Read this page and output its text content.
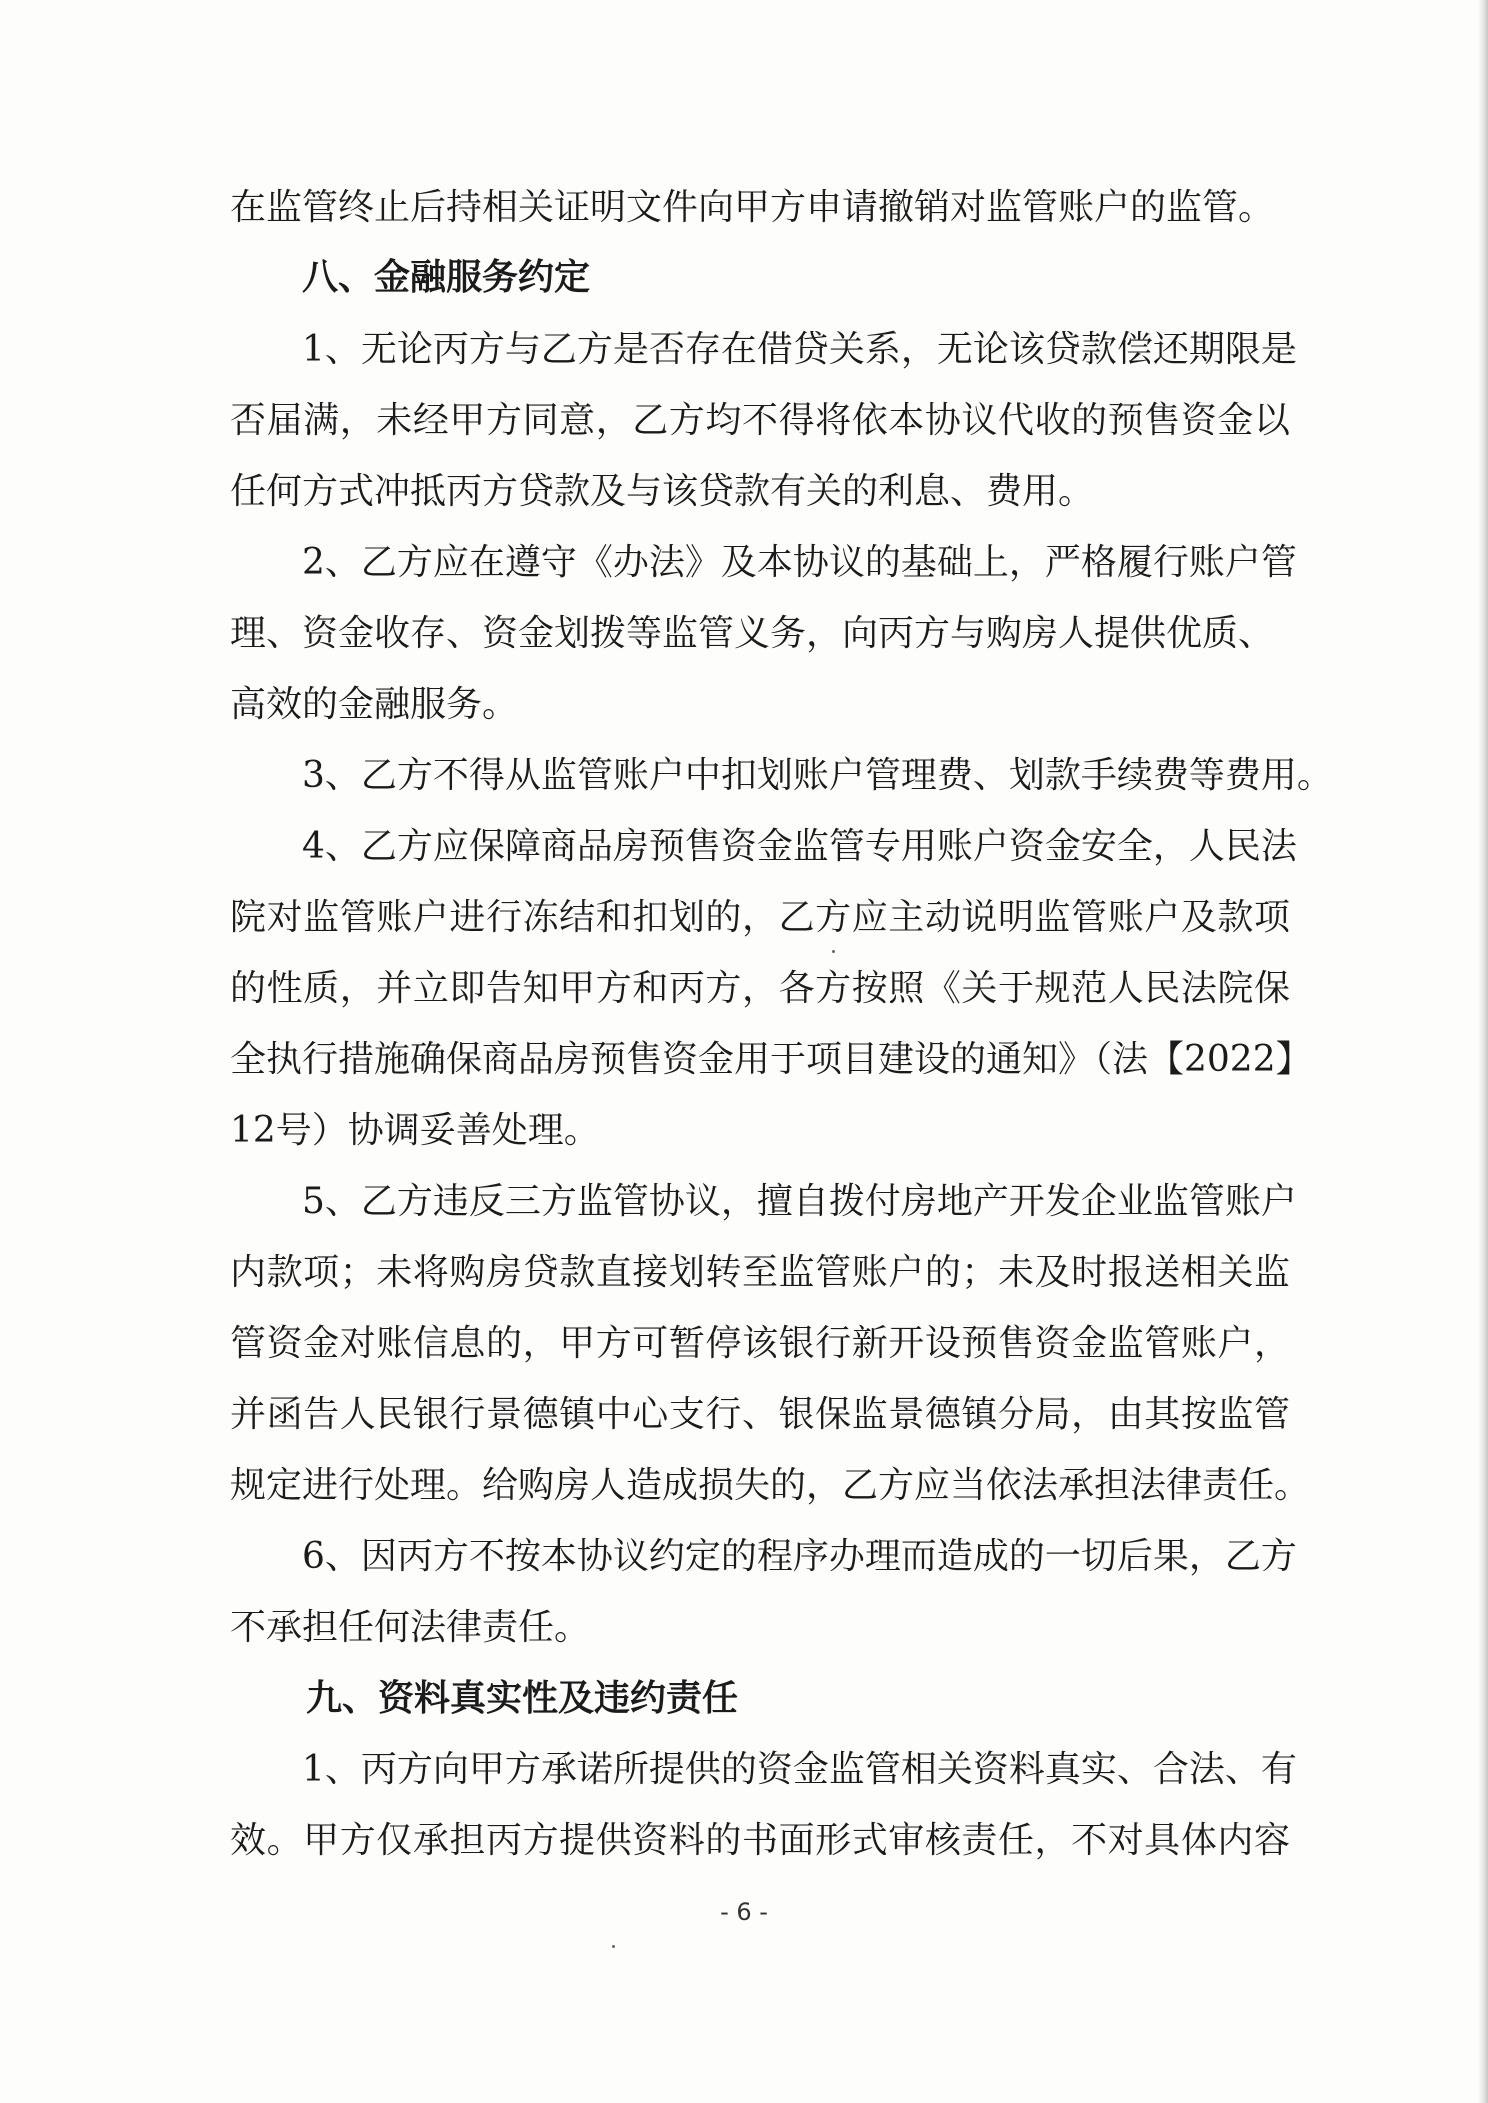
在监管终止后持相关证明文件向甲方申请撤销对监管账户的监管。
八、金融服务约定
1、无论丙方与乙方是否存在借贷关系，无论该贷款偿还期限是
否届满，未经甲方同意，乙方均不得将依本协议代收的预售资金以
任何方式冲抵丙方贷款及与该贷款有关的利息、费用。
2、乙方应在遵守《办法》及本协议的基础上，严格履行账户管
理、资金收存、资金划拨等监管义务，向丙方与购房人提供优质、
高效的金融服务。
3、乙方不得从监管账户中扣划账户管理费、划款手续费等费用。
4、乙方应保障商品房预售资金监管专用账户资金安全，人民法
院对监管账户进行冻结和扣划的，乙方应主动说明监管账户及款项
的性质，并立即告知甲方和丙方，各方按照《关于规范人民法院保
全执行措施确保商品房预售资金用于项目建设的通知》（法【2022】
12号）协调妥善处理。
5、乙方违反三方监管协议，擅自拨付房地产开发企业监管账户
内款项；未将购房贷款直接划转至监管账户的；未及时报送相关监
管资金对账信息的，甲方可暂停该银行新开设预售资金监管账户，
并函告人民银行景德镇中心支行、银保监景德镇分局，由其按监管
规定进行处理。给购房人造成损失的，乙方应当依法承担法律责任。
6、因丙方不按本协议约定的程序办理而造成的一切后果，乙方
不承担任何法律责任。
九、资料真实性及违约责任
1、丙方向甲方承诺所提供的资金监管相关资料真实、合法、有
效。甲方仅承担丙方提供资料的书面形式审核责任，不对具体内容
- 6 -
